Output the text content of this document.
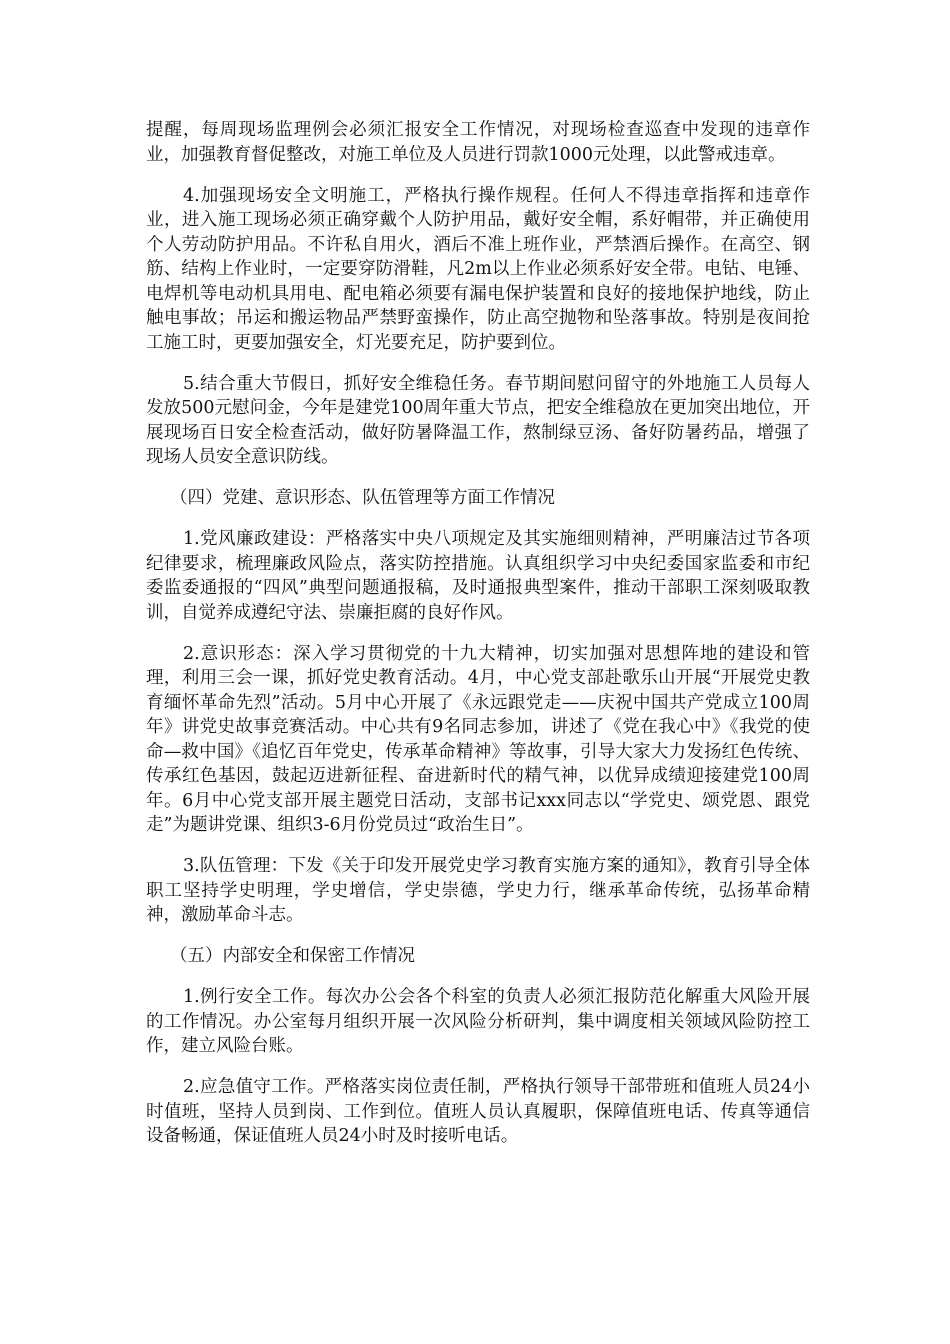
提醒，每周现场监理例会必须汇报安全工作情况，对现场检查巡查中发现的违章作业，加强教育督促整改，对施工单位及人员进行罚款1000元处理，以此警戒违章。

4.加强现场安全文明施工，严格执行操作规程。任何人不得违章指挥和违章作业，进入施工现场必须正确穿戴个人防护用品，戴好安全帽，系好帽带，并正确使用个人劳动防护用品。不许私自用火，酒后不准上班作业，严禁酒后操作。在高空、钢筋、结构上作业时，一定要穿防滑鞋，凡2m以上作业必须系好安全带。电钻、电锤、电焊机等电动机具用电、配电箱必须要有漏电保护装置和良好的接地保护地线，防止触电事故；吊运和搬运物品严禁野蛮操作，防止高空抛物和坠落事故。特别是夜间抢工施工时，更要加强安全，灯光要充足，防护要到位。

5.结合重大节假日，抓好安全维稳任务。春节期间慰问留守的外地施工人员每人发放500元慰问金，今年是建党100周年重大节点，把安全维稳放在更加突出地位，开展现场百日安全检查活动，做好防暑降温工作，熬制绿豆汤、备好防暑药品，增强了现场人员安全意识防线。

（四）党建、意识形态、队伍管理等方面工作情况

1.党风廉政建设：严格落实中央八项规定及其实施细则精神，严明廉洁过节各项纪律要求，梳理廉政风险点，落实防控措施。认真组织学习中央纪委国家监委和市纪委监委通报的“四风”典型问题通报稿，及时通报典型案件，推动干部职工深刻吸取教训，自觉养成遵纪守法、崇廉拒腐的良好作风。

2.意识形态：深入学习贯彻党的十九大精神，切实加强对思想阵地的建设和管理，利用三会一课，抓好党史教育活动。4月，中心党支部赴歌乐山开展“开展党史教育缅怀革命先烈”活动。5月中心开展了《永远跟党走——庆祝中国共产党成立100周年》讲党史故事竞赛活动。中心共有9名同志参加，讲述了《党在我心中》《我党的使命—救中国》《追忆百年党史，传承革命精神》等故事，引导大家大力发扬红色传统、传承红色基因，鼓起迈进新征程、奋进新时代的精气神，以优异成绩迎接建党100周年。6月中心党支部开展主题党日活动，支部书记xxx同志以“学党史、颂党恩、跟党走”为题讲党课、组织3-6月份党员过“政治生日”。

3.队伍管理：下发《关于印发开展党史学习教育实施方案的通知》，教育引导全体职工坚持学史明理，学史增信，学史崇德，学史力行，继承革命传统，弘扬革命精神，激励革命斗志。

（五）内部安全和保密工作情况

1.例行安全工作。每次办公会各个科室的负责人必须汇报防范化解重大风险开展的工作情况。办公室每月组织开展一次风险分析研判，集中调度相关领域风险防控工作，建立风险台账。

2.应急值守工作。严格落实岗位责任制，严格执行领导干部带班和值班人员24小时值班，坚持人员到岗、工作到位。值班人员认真履职，保障值班电话、传真等通信设备畅通，保证值班人员24小时及时接听电话。
